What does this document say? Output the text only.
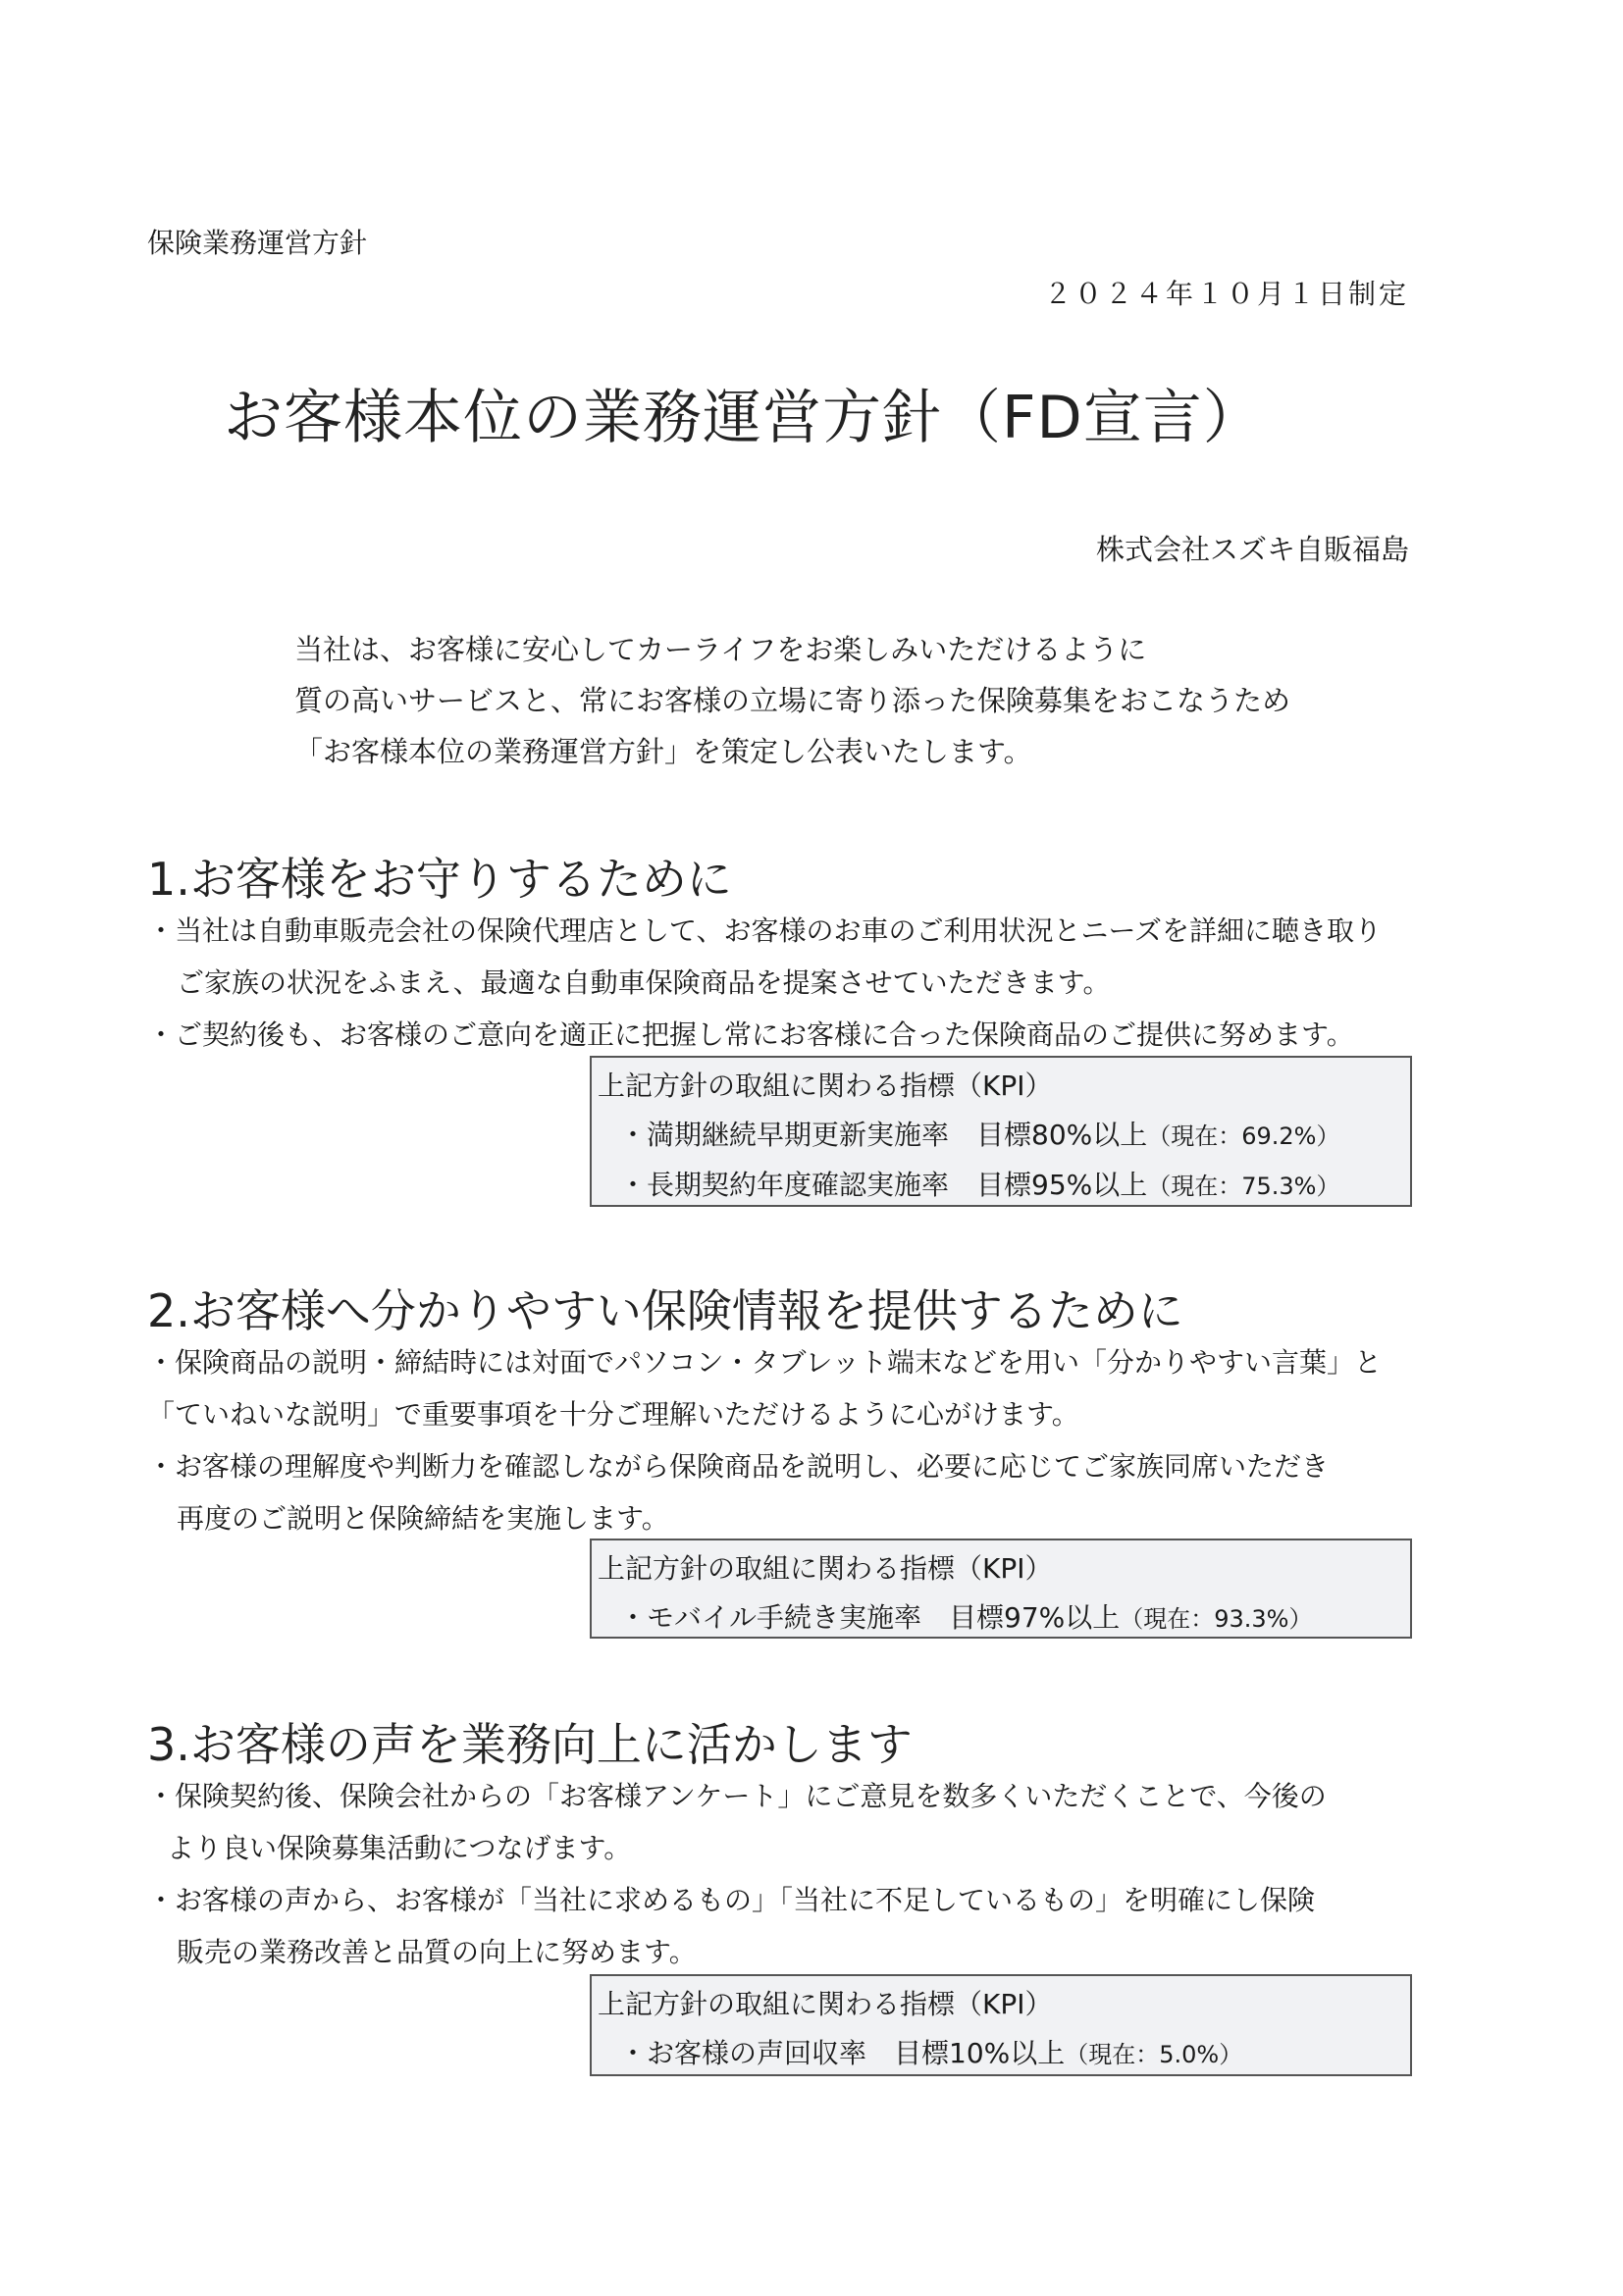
保険業務運営方針
２０２４年１０月１日制定
お客様本位の業務運営方針（FD宣言）
株式会社スズキ自販福島
当社は、お客様に安心してカーライフをお楽しみいただけるように
質の高いサービスと、常にお客様の立場に寄り添った保険募集をおこなうため
「お客様本位の業務運営方針」を策定し公表いたします。
1.お客様をお守りするために
・当社は自動車販売会社の保険代理店として、お客様のお車のご利用状況とニーズを詳細に聴き取り
ご家族の状況をふまえ、最適な自動車保険商品を提案させていただきます。
・ご契約後も、お客様のご意向を適正に把握し常にお客様に合った保険商品のご提供に努めます。
上記方針の取組に関わる指標（KPI）
・満期継続早期更新実施率　目標80%以上（現在：69.2%）
・長期契約年度確認実施率　目標95%以上（現在：75.3%）
2.お客様へ分かりやすい保険情報を提供するために
・保険商品の説明・締結時には対面でパソコン・タブレット端末などを用い「分かりやすい言葉」と
「ていねいな説明」で重要事項を十分ご理解いただけるように心がけます。
・お客様の理解度や判断力を確認しながら保険商品を説明し、必要に応じてご家族同席いただき
再度のご説明と保険締結を実施します。
上記方針の取組に関わる指標（KPI）
・モバイル手続き実施率　目標97%以上（現在：93.3%）
3.お客様の声を業務向上に活かします
・保険契約後、保険会社からの「お客様アンケート」にご意見を数多くいただくことで、今後の
より良い保険募集活動につなげます。
・お客様の声から、お客様が「当社に求めるもの」「当社に不足しているもの」を明確にし保険
販売の業務改善と品質の向上に努めます。
上記方針の取組に関わる指標（KPI）
・お客様の声回収率　目標10%以上（現在：5.0%）
